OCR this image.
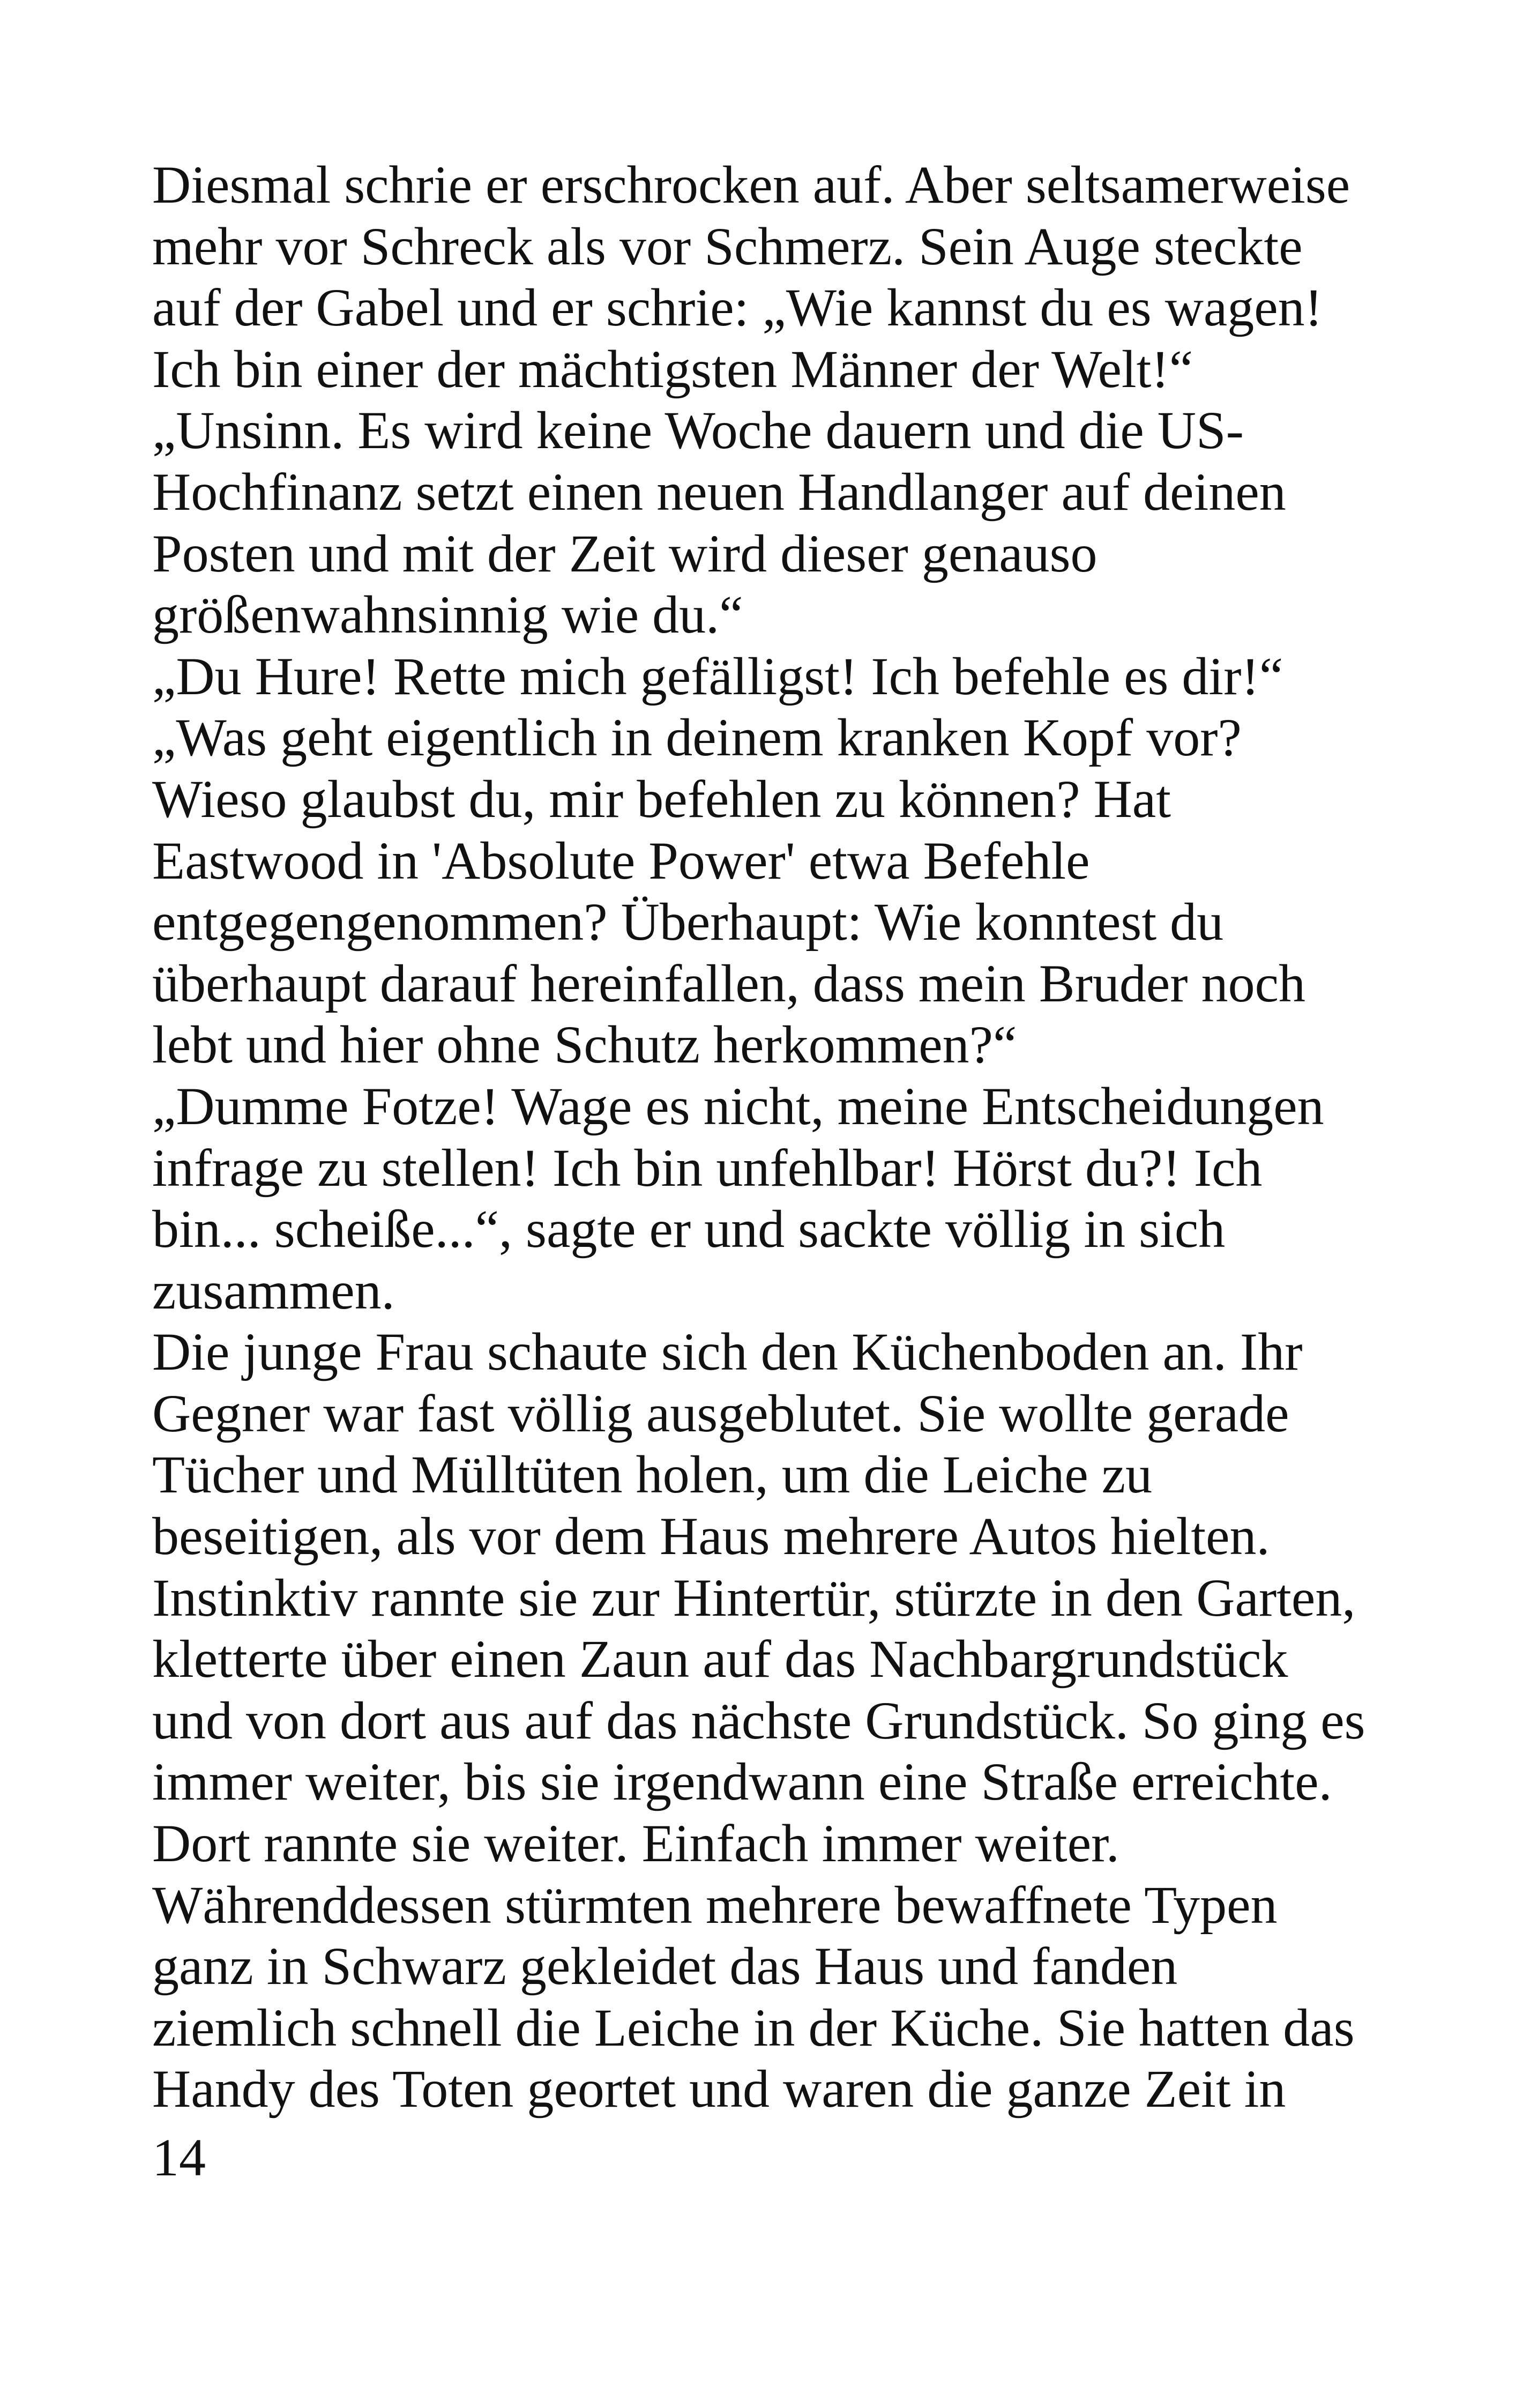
Diesmal schrie er erschrocken auf. Aber seltsamerweise
mehr vor Schreck als vor Schmerz. Sein Auge steckte
auf der Gabel und er schrie: „Wie kannst du es wagen!
Ich bin einer der mächtigsten Männer der Welt!“
„Unsinn. Es wird keine Woche dauern und die US-
Hochfinanz setzt einen neuen Handlanger auf deinen
Posten und mit der Zeit wird dieser genauso
größenwahnsinnig wie du.“
„Du Hure! Rette mich gefälligst! Ich befehle es dir!“
„Was geht eigentlich in deinem kranken Kopf vor?
Wieso glaubst du, mir befehlen zu können? Hat
Eastwood in 'Absolute Power' etwa Befehle
entgegengenommen? Überhaupt: Wie konntest du
überhaupt darauf hereinfallen, dass mein Bruder noch
lebt und hier ohne Schutz herkommen?“
„Dumme Fotze! Wage es nicht, meine Entscheidungen
infrage zu stellen! Ich bin unfehlbar! Hörst du?! Ich
bin... scheiße...“, sagte er und sackte völlig in sich
zusammen.
Die junge Frau schaute sich den Küchenboden an. Ihr
Gegner war fast völlig ausgeblutet. Sie wollte gerade
Tücher und Mülltüten holen, um die Leiche zu
beseitigen, als vor dem Haus mehrere Autos hielten.
Instinktiv rannte sie zur Hintertür, stürzte in den Garten,
kletterte über einen Zaun auf das Nachbargrundstück
und von dort aus auf das nächste Grundstück. So ging es
immer weiter, bis sie irgendwann eine Straße erreichte.
Dort rannte sie weiter. Einfach immer weiter.
Währenddessen stürmten mehrere bewaffnete Typen
ganz in Schwarz gekleidet das Haus und fanden
ziemlich schnell die Leiche in der Küche. Sie hatten das
Handy des Toten geortet und waren die ganze Zeit in
14
